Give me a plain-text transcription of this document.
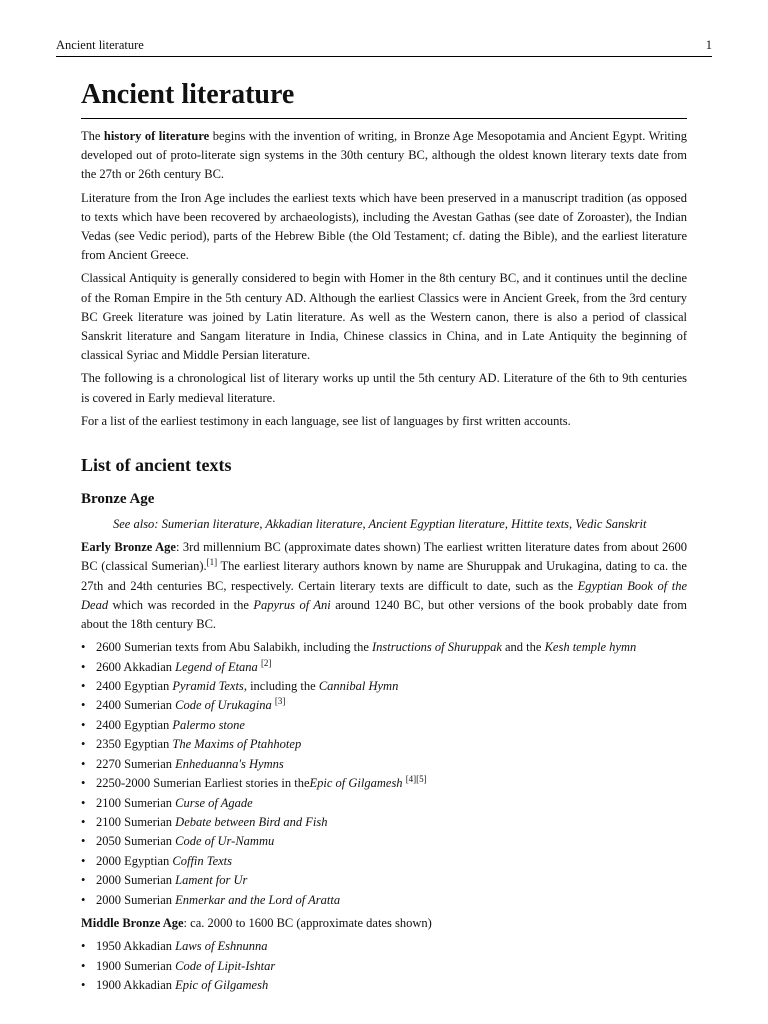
Ancient literature	1
Ancient literature

The history of literature begins with the invention of writing, in Bronze Age Mesopotamia and Ancient Egypt. Writing developed out of proto-literate sign systems in the 30th century BC, although the oldest known literary texts date from the 27th or 26th century BC.

Literature from the Iron Age includes the earliest texts which have been preserved in a manuscript tradition (as opposed to texts which have been recovered by archaeologists), including the Avestan Gathas (see date of Zoroaster), the Indian Vedas (see Vedic period), parts of the Hebrew Bible (the Old Testament; cf. dating the Bible), and the earliest literature from Ancient Greece.

Classical Antiquity is generally considered to begin with Homer in the 8th century BC, and it continues until the decline of the Roman Empire in the 5th century AD. Although the earliest Classics were in Ancient Greek, from the 3rd century BC Greek literature was joined by Latin literature. As well as the Western canon, there is also a period of classical Sanskrit literature and Sangam literature in India, Chinese classics in China, and in Late Antiquity the beginning of classical Syriac and Middle Persian literature.

The following is a chronological list of literary works up until the 5th century AD. Literature of the 6th to 9th centuries is covered in Early medieval literature.

For a list of the earliest testimony in each language, see list of languages by first written accounts.

List of ancient texts
Bronze Age

See also: Sumerian literature, Akkadian literature, Ancient Egyptian literature, Hittite texts, Vedic Sanskrit

Early Bronze Age: 3rd millennium BC (approximate dates shown) The earliest written literature dates from about 2600 BC (classical Sumerian).[1] The earliest literary authors known by name are Shuruppak and Urukagina, dating to ca. the 27th and 24th centuries BC, respectively. Certain literary texts are difficult to date, such as the Egyptian Book of the Dead which was recorded in the Papyrus of Ani around 1240 BC, but other versions of the book probably date from about the 18th century BC.

• 2600 Sumerian texts from Abu Salabikh, including the Instructions of Shuruppak and the Kesh temple hymn
• 2600 Akkadian Legend of Etana [2]
• 2400 Egyptian Pyramid Texts, including the Cannibal Hymn
• 2400 Sumerian Code of Urukagina [3]
• 2400 Egyptian Palermo stone
• 2350 Egyptian The Maxims of Ptahhotep
• 2270 Sumerian Enheduanna's Hymns
• 2250-2000 Sumerian Earliest stories in theEpic of Gilgamesh [4][5]
• 2100 Sumerian Curse of Agade
• 2100 Sumerian Debate between Bird and Fish
• 2050 Sumerian Code of Ur-Nammu
• 2000 Egyptian Coffin Texts
• 2000 Sumerian Lament for Ur
• 2000 Sumerian Enmerkar and the Lord of Aratta

Middle Bronze Age: ca. 2000 to 1600 BC (approximate dates shown)

• 1950 Akkadian Laws of Eshnunna
• 1900 Sumerian Code of Lipit-Ishtar
• 1900 Akkadian Epic of Gilgamesh
